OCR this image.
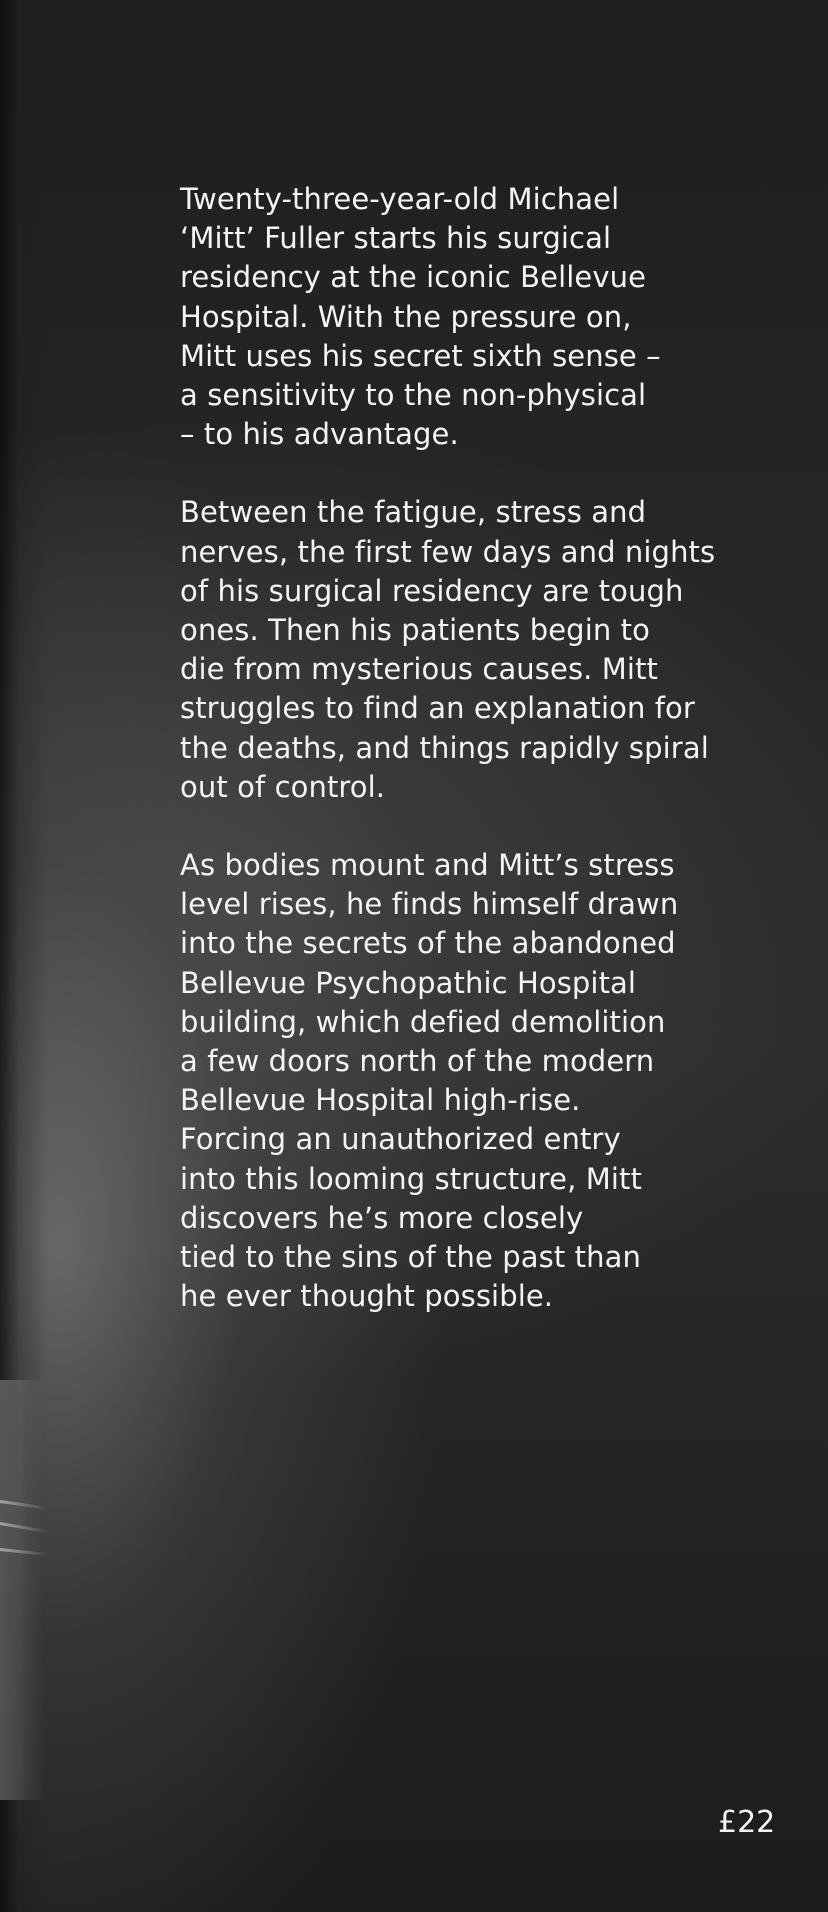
Twenty-three-year-old Michael
‘Mitt’ Fuller starts his surgical
residency at the iconic Bellevue
Hospital. With the pressure on,
Mitt uses his secret sixth sense –
a sensitivity to the non-physical
– to his advantage.

Between the fatigue, stress and
nerves, the first few days and nights
of his surgical residency are tough
ones. Then his patients begin to
die from mysterious causes. Mitt
struggles to find an explanation for
the deaths, and things rapidly spiral
out of control.

As bodies mount and Mitt’s stress
level rises, he finds himself drawn
into the secrets of the abandoned
Bellevue Psychopathic Hospital
building, which defied demolition
a few doors north of the modern
Bellevue Hospital high-rise.
Forcing an unauthorized entry
into this looming structure, Mitt
discovers he’s more closely
tied to the sins of the past than
he ever thought possible.

£22
